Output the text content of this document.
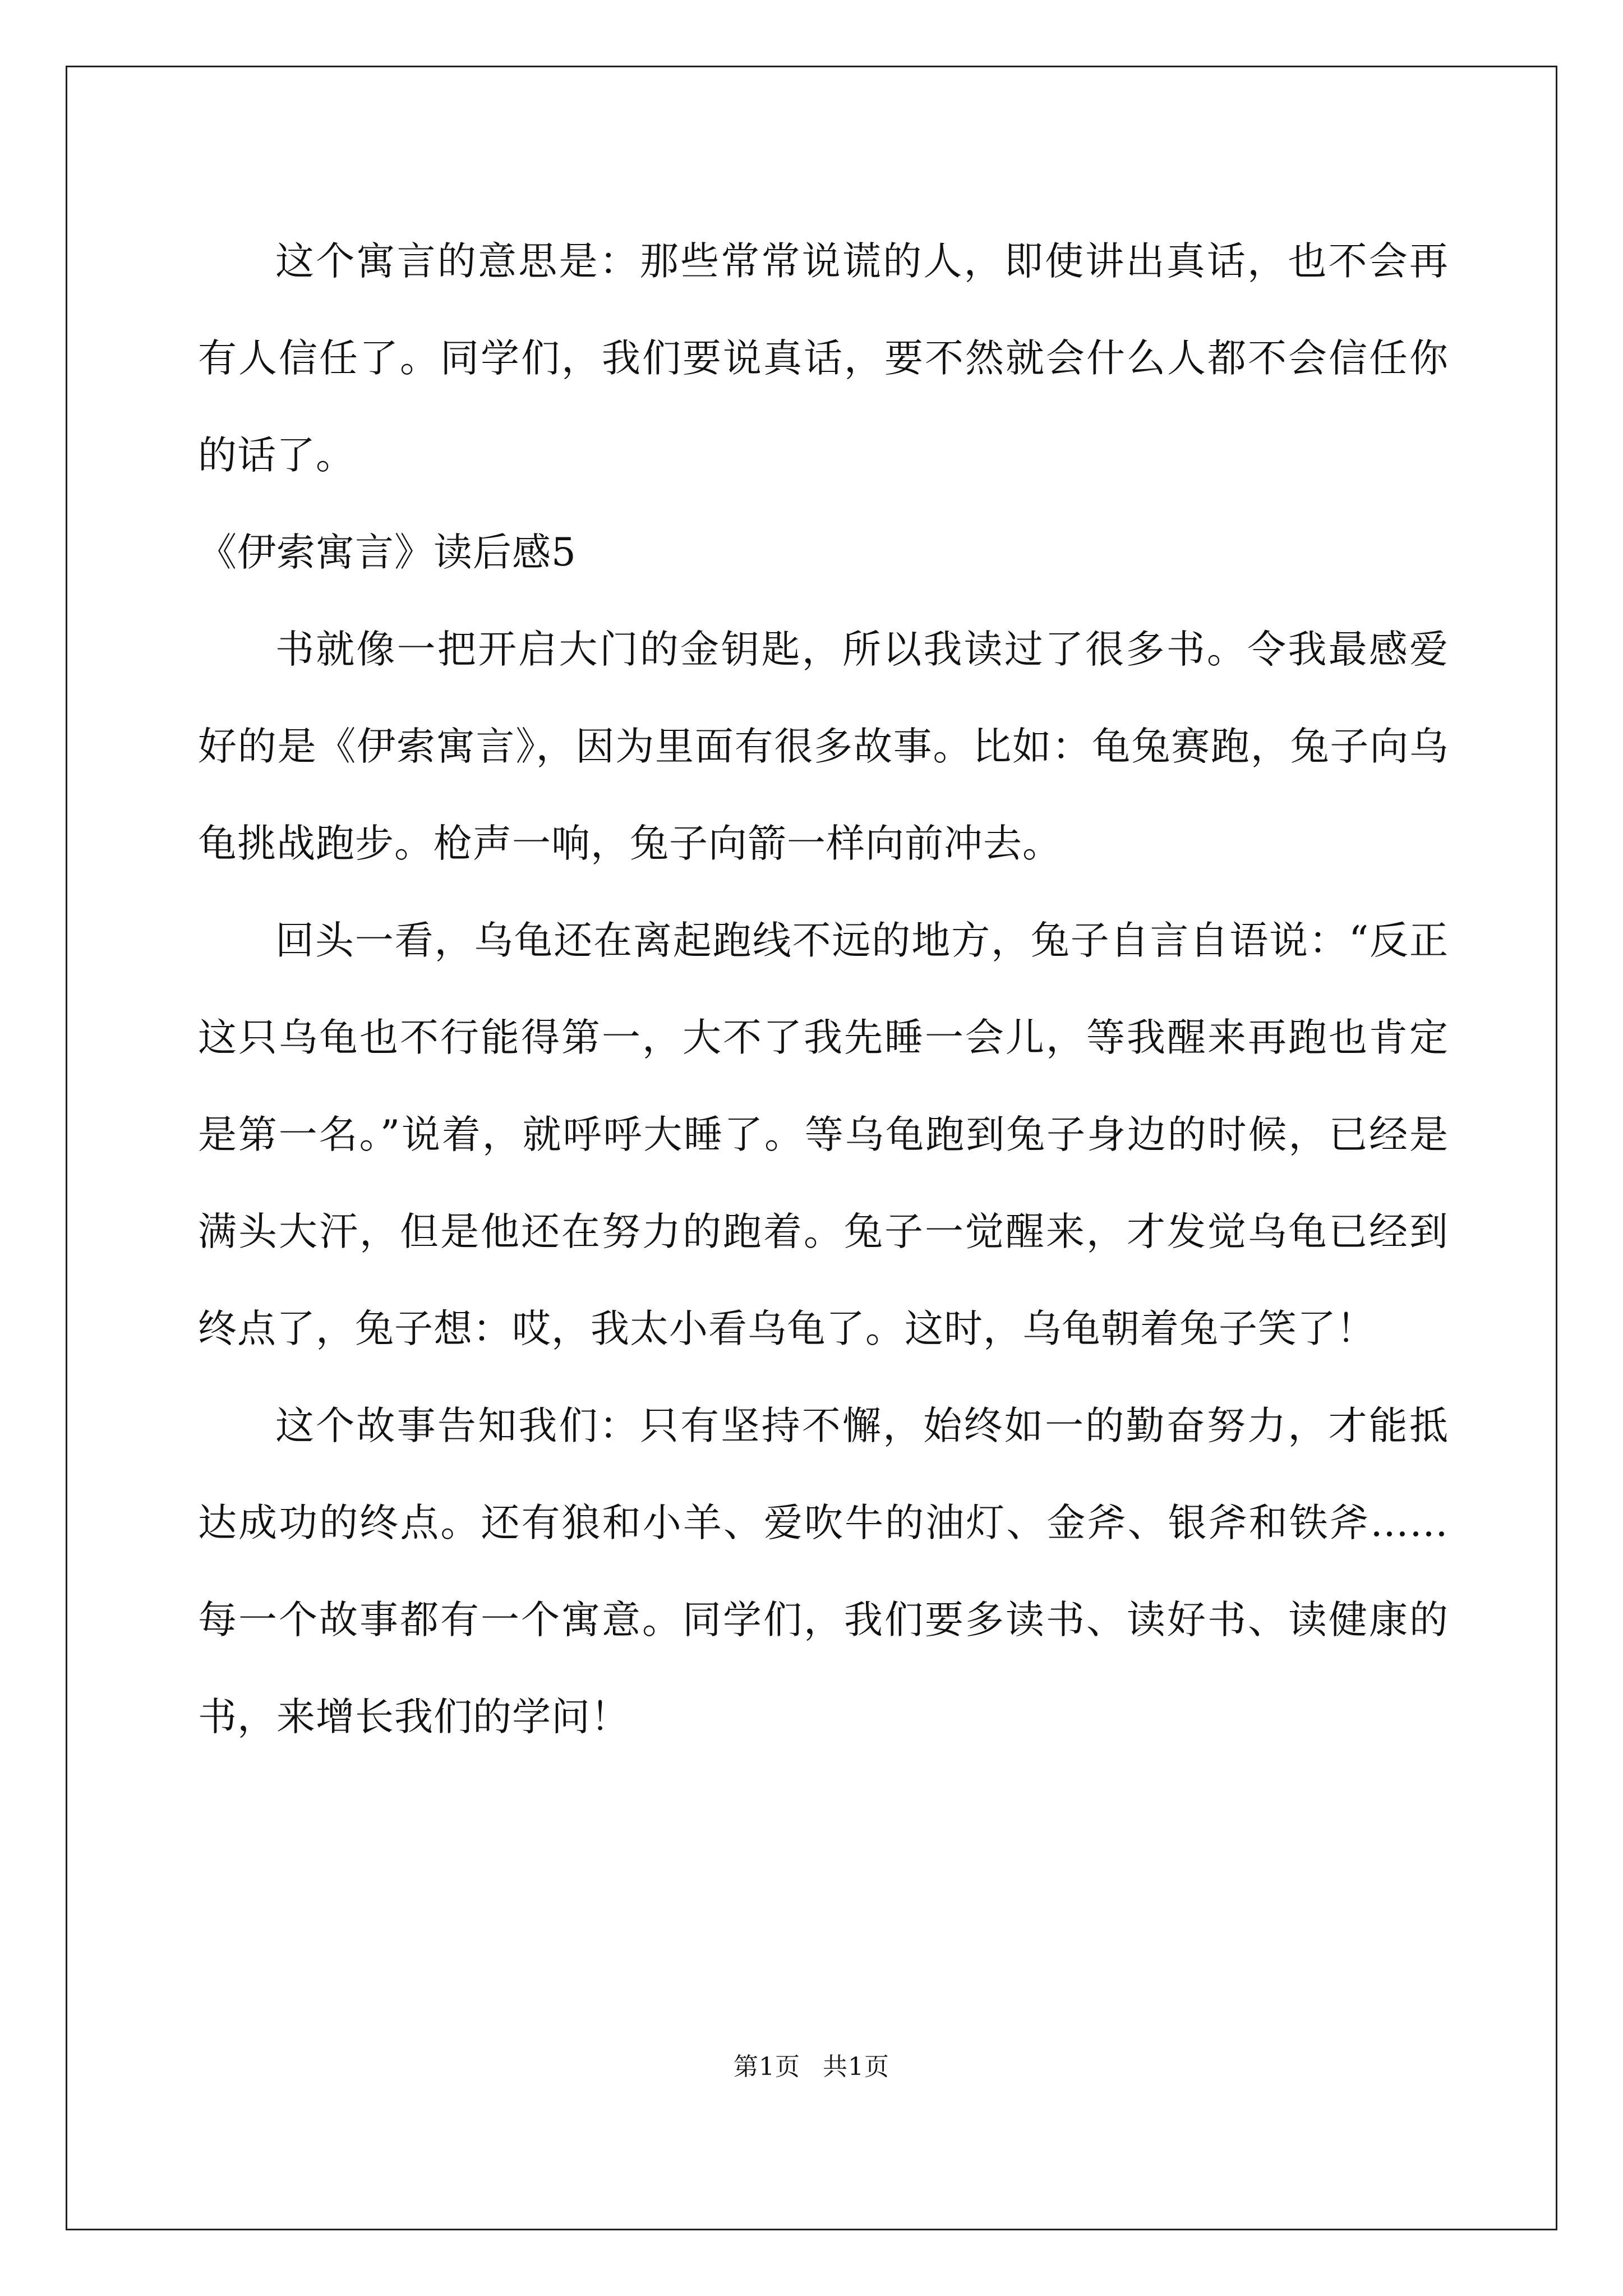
这个寓言的意思是：那些常常说谎的人，即使讲出真话，也不会再有人信任了。同学们，我们要说真话，要不然就会什么人都不会信任你的话了。

《伊索寓言》读后感5

书就像一把开启大门的金钥匙，所以我读过了很多书。令我最感爱好的是《伊索寓言》，因为里面有很多故事。比如：龟兔赛跑，兔子向乌龟挑战跑步。枪声一响，兔子向箭一样向前冲去。

回头一看，乌龟还在离起跑线不远的地方，兔子自言自语说：“反正这只乌龟也不行能得第一，大不了我先睡一会儿，等我醒来再跑也肯定是第一名。”说着，就呼呼大睡了。等乌龟跑到兔子身边的时候，已经是满头大汗，但是他还在努力的跑着。兔子一觉醒来，才发觉乌龟已经到终点了，兔子想：哎，我太小看乌龟了。这时，乌龟朝着兔子笑了！

这个故事告知我们：只有坚持不懈，始终如一的勤奋努力，才能抵达成功的终点。还有狼和小羊、爱吹牛的油灯、金斧、银斧和铁斧……每一个故事都有一个寓意。同学们，我们要多读书、读好书、读健康的书，来增长我们的学问！

第1页 共1页
